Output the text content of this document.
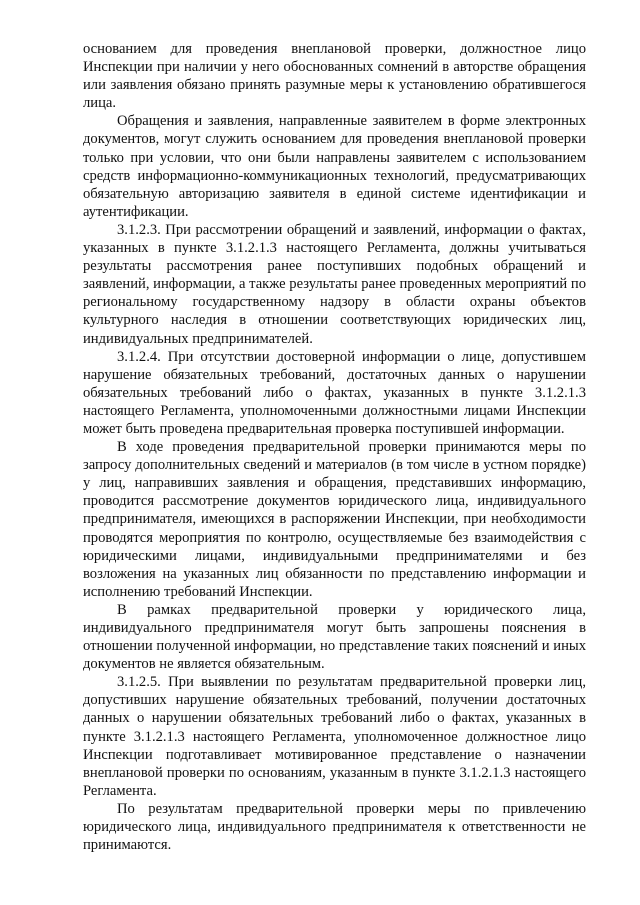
основанием для проведения внеплановой проверки, должностное лицо Инспекции при наличии у него обоснованных сомнений в авторстве обращения или заявления обязано принять разумные меры к установлению обратившегося лица.

Обращения и заявления, направленные заявителем в форме электронных документов, могут служить основанием для проведения внеплановой проверки только при условии, что они были направлены заявителем с использованием средств информационно-коммуникационных технологий, предусматривающих обязательную авторизацию заявителя в единой системе идентификации и аутентификации.

3.1.2.3. При рассмотрении обращений и заявлений, информации о фактах, указанных в пункте 3.1.2.1.3 настоящего Регламента, должны учитываться результаты рассмотрения ранее поступивших подобных обращений и заявлений, информации, а также результаты ранее проведенных мероприятий по региональному государственному надзору в области охраны объектов культурного наследия в отношении соответствующих юридических лиц, индивидуальных предпринимателей.

3.1.2.4. При отсутствии достоверной информации о лице, допустившем нарушение обязательных требований, достаточных данных о нарушении обязательных требований либо о фактах, указанных в пункте 3.1.2.1.3 настоящего Регламента, уполномоченными должностными лицами Инспекции может быть проведена предварительная проверка поступившей информации.

В ходе проведения предварительной проверки принимаются меры по запросу дополнительных сведений и материалов (в том числе в устном порядке) у лиц, направивших заявления и обращения, представивших информацию, проводится рассмотрение документов юридического лица, индивидуального предпринимателя, имеющихся в распоряжении Инспекции, при необходимости проводятся мероприятия по контролю, осуществляемые без взаимодействия с юридическими лицами, индивидуальными предпринимателями и без возложения на указанных лиц обязанности по представлению информации и исполнению требований Инспекции.

В рамках предварительной проверки у юридического лица, индивидуального предпринимателя могут быть запрошены пояснения в отношении полученной информации, но представление таких пояснений и иных документов не является обязательным.

3.1.2.5. При выявлении по результатам предварительной проверки лиц, допустивших нарушение обязательных требований, получении достаточных данных о нарушении обязательных требований либо о фактах, указанных в пункте 3.1.2.1.3 настоящего Регламента, уполномоченное должностное лицо Инспекции подготавливает мотивированное представление о назначении внеплановой проверки по основаниям, указанным в пункте 3.1.2.1.3 настоящего Регламента.

По результатам предварительной проверки меры по привлечению юридического лица, индивидуального предпринимателя к ответственности не принимаются.
